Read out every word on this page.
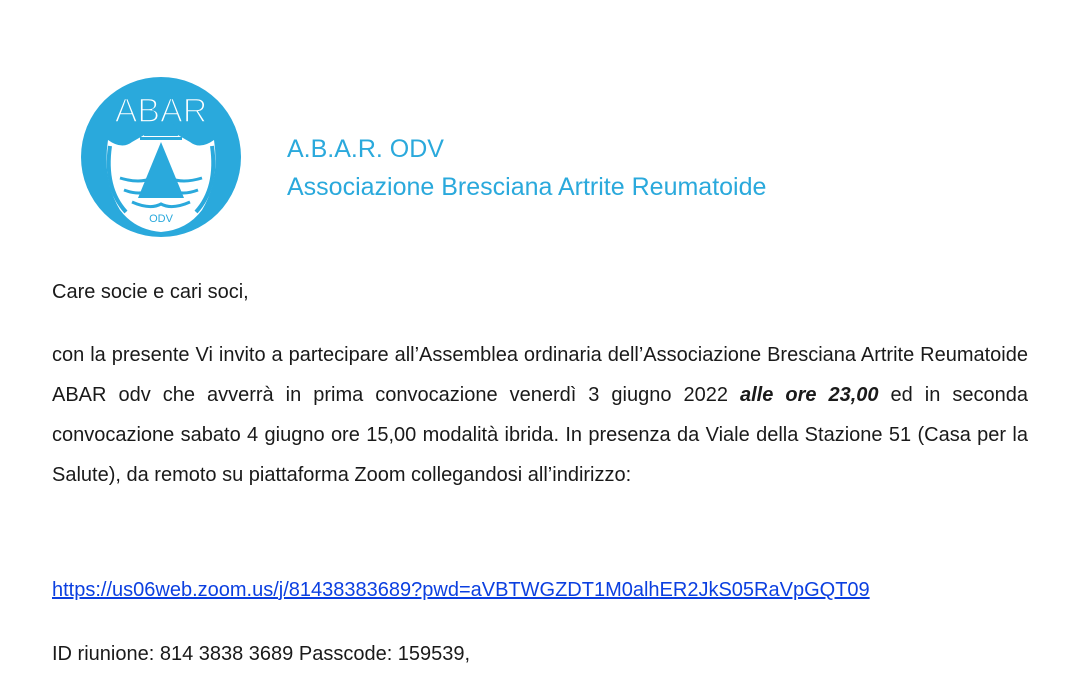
ABAR
ODV
A.B.A.R. ODV
Associazione Bresciana Artrite Reumatoide
Care socie e cari soci,
con la presente Vi invito a partecipare all’Assemblea ordinaria dell’Associazione Bresciana Artrite Reumatoide ABAR odv che avverrà in prima convocazione venerdì 3 giugno 2022 alle ore 23,00 ed in seconda convocazione sabato 4 giugno ore 15,00 modalità ibrida. In presenza da Viale della Stazione 51 (Casa per la Salute), da remoto su piattaforma Zoom collegandosi all’indirizzo:
https://us06web.zoom.us/j/81438383689?pwd=aVBTWGZDT1M0alhER2JkS05RaVpGQT09
ID riunione: 814 3838 3689 Passcode: 159539,
